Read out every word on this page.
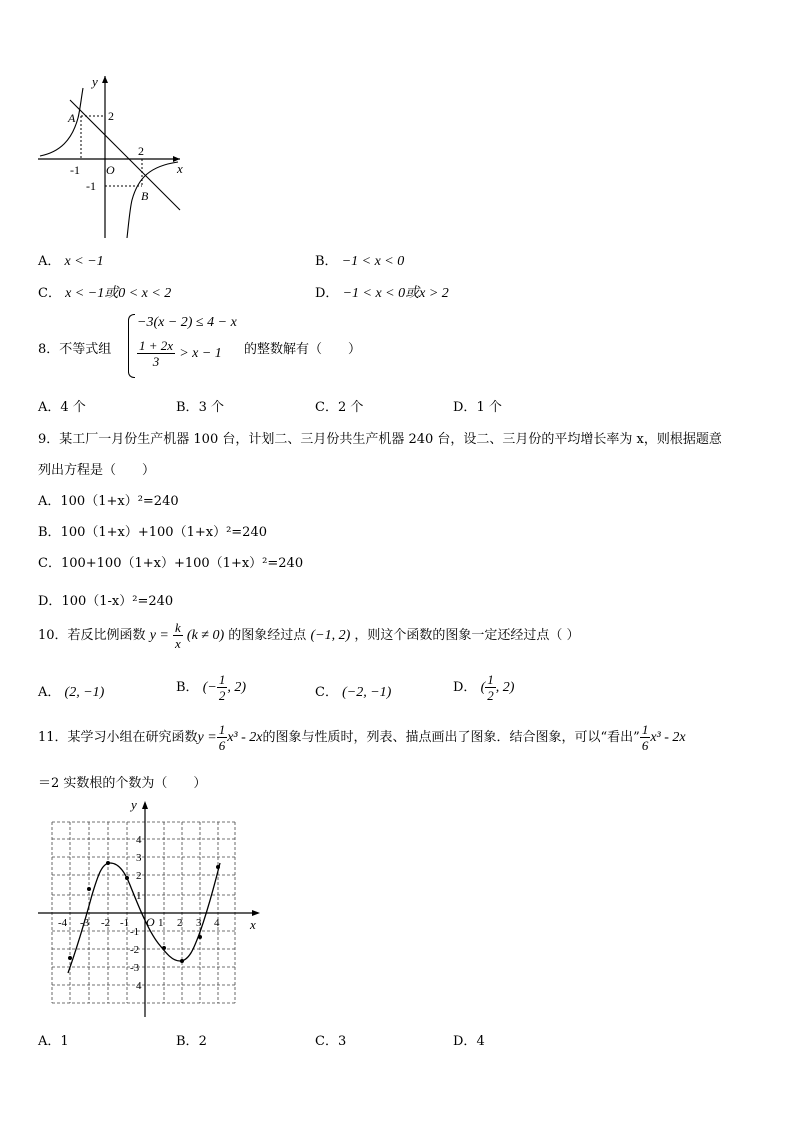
y
x
O
A
B
2
-1
2
-1
A． x < −1	B． −1 < x < 0
C． x < −1或0 < x < 2	D． −1 < x < 0或x > 2
8．不等式组
−3(x − 2) ≤ 4 − x
$\frac{1 + 2x}{3} > x - 1$ 的整数解有（　　）
A．4 个	B．3 个	C．2 个	D．1 个
9．某工厂一月份生产机器 100 台，计划二、三月份共生产机器 240 台，设二、三月份的平均增长率为 x，则根据题意
列出方程是（　　）
A．100（1+x）²=240
B．100（1+x）+100（1+x）²=240
C．100+100（1+x）+100（1+x）²=240
D．100（1-x）²=240
10．若反比例函数 $y = \frac{k}{x} (k \ne 0)$ 的图象经过点 (−1, 2) ，则这个函数的图象一定还经过点（ ）
A． (2, −1)	B． (− $\frac{1}{2}$ , 2)	C． (−2, −1)	D． ( $\frac{1}{2}$ , 2)
11．某学习小组在研究函数$y = \frac{1}{6} x^3 - 2x$的图象与性质时，列表、描点画出了图象．结合图象，可以“看出” $\frac{1}{6} x^3 - 2x$
＝2 实数根的个数为（　　）
y
x
O
-4 -3 -2 -1	1 2 3 4
4
3
2
1
-1
-2
-3
4
A．1	B．2	C．3	D．4
